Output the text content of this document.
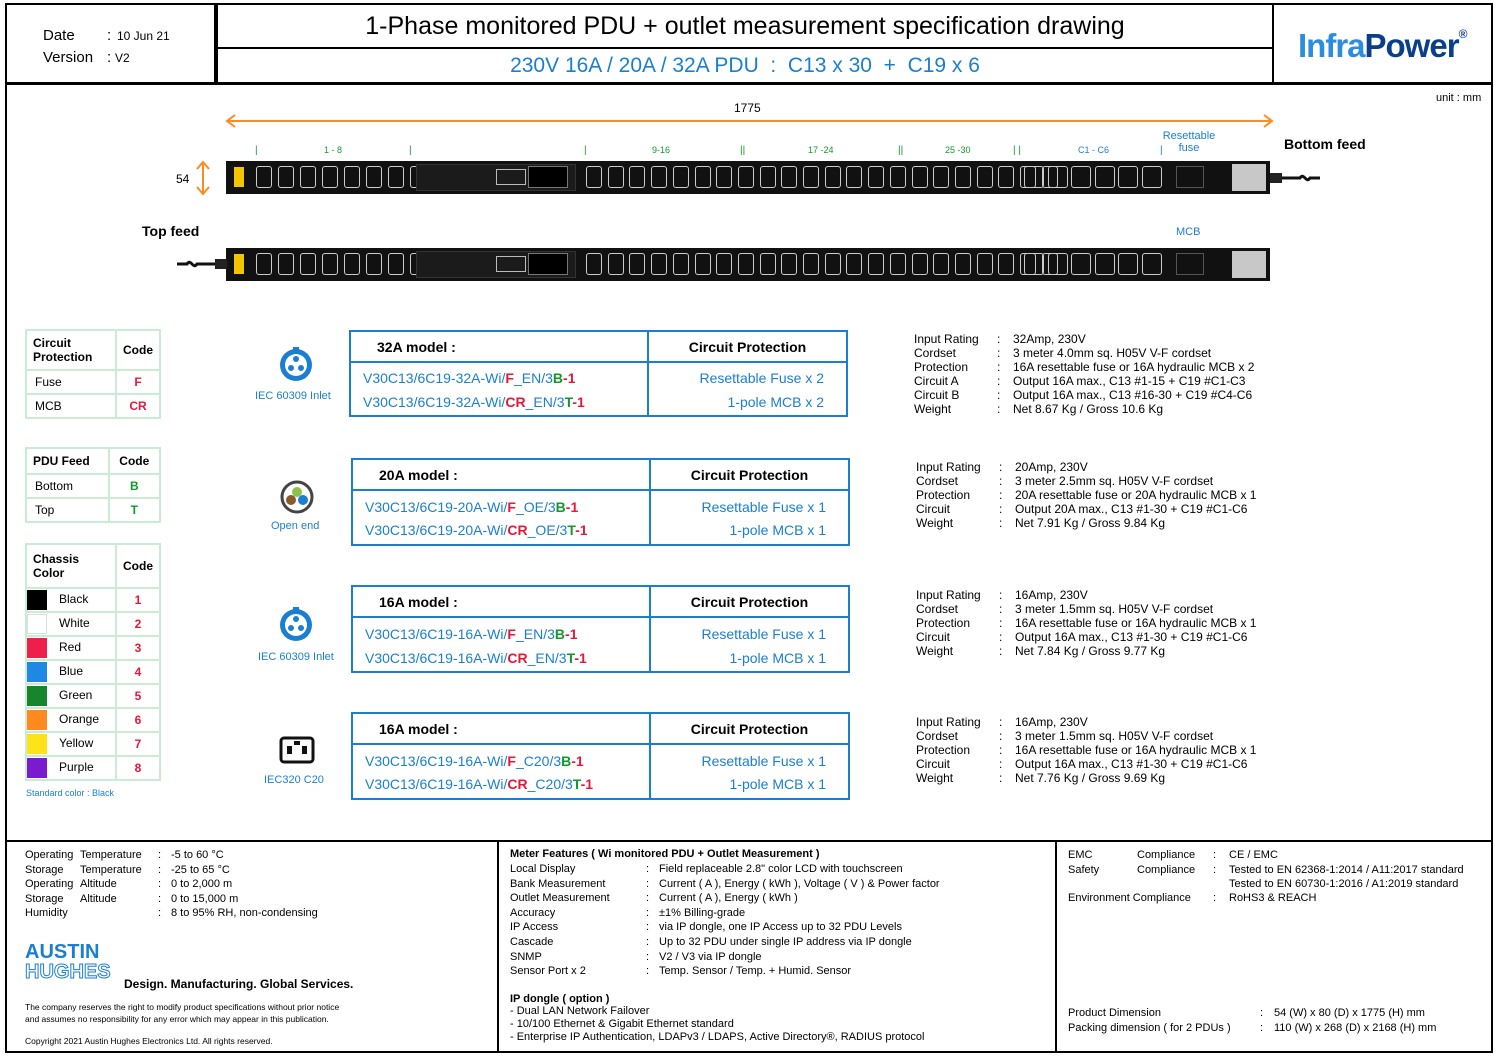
Date : 10 Jun 21
Version : V2
1-Phase monitored PDU + outlet measurement specification drawing
230V 16A / 20A / 32A PDU  :  C13 x 30  +  C19 x 6
InfraPower®
unit : mm
1775
54
|	1 - 8	|	|	9-16	||	17 -24	||	25 -30	| |	C1 - C6	|
Resettable fuse	Bottom feed
Top feed	MCB
Circuit Protection	Code
Fuse	F
MCB	CR
PDU Feed	Code
Bottom	B
Top	T
Chassis Color	Code
Black	1
White	2
Red	3
Blue	4
Green	5
Orange	6
Yellow	7
Purple	8
Standard color : Black
IEC 60309 Inlet
Open end
IEC 60309 Inlet
IEC320 C20
32A model :	Circuit Protection
V30C13/6C19-32A-Wi/F_EN/3B-1	Resettable Fuse x 2
V30C13/6C19-32A-Wi/CR_EN/3T-1	1-pole MCB x 2
20A model :	Circuit Protection
V30C13/6C19-20A-Wi/F_OE/3B-1	Resettable Fuse x 1
V30C13/6C19-20A-Wi/CR_OE/3T-1	1-pole MCB x 1
16A model :	Circuit Protection
V30C13/6C19-16A-Wi/F_EN/3B-1	Resettable Fuse x 1
V30C13/6C19-16A-Wi/CR_EN/3T-1	1-pole MCB x 1
16A model :	Circuit Protection
V30C13/6C19-16A-Wi/F_C20/3B-1	Resettable Fuse x 1
V30C13/6C19-16A-Wi/CR_C20/3T-1	1-pole MCB x 1
Input Rating : 32Amp, 230V
Cordset	: 3 meter 4.0mm sq. H05V V-F cordset
Protection : 16A resettable fuse or 16A hydraulic MCB x 2
Circuit A	: Output 16A max., C13 #1-15 + C19 #C1-C3
Circuit B	: Output 16A max., C13 #16-30 + C19 #C4-C6
Weight	: Net 8.67 Kg / Gross 10.6 Kg
Input Rating : 20Amp, 230V
Cordset	: 3 meter 2.5mm sq. H05V V-F cordset
Protection : 20A resettable fuse or 20A hydraulic MCB x 1
Circuit	: Output 20A max., C13 #1-30 + C19 #C1-C6
Weight	: Net 7.91 Kg / Gross 9.84 Kg
Input Rating : 16Amp, 230V
Cordset	: 3 meter 1.5mm sq. H05V V-F cordset
Protection : 16A resettable fuse or 16A hydraulic MCB x 1
Circuit	: Output 16A max., C13 #1-30 + C19 #C1-C6
Weight	: Net 7.84 Kg / Gross 9.77 Kg
Input Rating : 16Amp, 230V
Cordset	: 3 meter 1.5mm sq. H05V V-F cordset
Protection : 16A resettable fuse or 16A hydraulic MCB x 1
Circuit	: Output 16A max., C13 #1-30 + C19 #C1-C6
Weight	: Net 7.76 Kg / Gross 9.69 Kg
Operating Temperature : -5 to 60 °C
Storage Temperature : -25 to 65 °C
Operating Altitude	: 0 to 2,000 m
Storage Altitude	: 0 to 15,000 m
Humidity	: 8 to 95% RH, non-condensing
AUSTIN
HUGHES
Design. Manufacturing. Global Services.
The company reserves the right to modify product specifications without prior notice
and assumes no responsibility for any error which may appear in this publication.
Copyright 2021 Austin Hughes Electronics Ltd. All rights reserved.
Meter Features ( Wi monitored PDU + Outlet Measurement )
Local Display	: Field replaceable 2.8" color LCD with touchscreen
Bank Measurement	: Current ( A ), Energy ( kWh ), Voltage ( V ) & Power factor
Outlet Measurement	: Current ( A ), Energy ( kWh )
Accuracy	: ±1% Billing-grade
IP Access	: via IP dongle, one IP Access up to 32 PDU Levels
Cascade	: Up to 32 PDU under single IP address via IP dongle
SNMP	: V2 / V3 via IP dongle
Sensor Port x 2	: Temp. Sensor / Temp. + Humid. Sensor
IP dongle ( option )
- Dual LAN Network Failover
- 10/100 Ethernet & Gigabit Ethernet standard
- Enterprise IP Authentication, LDAPv3 / LDAPS, Active Directory®, RADIUS protocol
EMC	Compliance : CE / EMC
Safety	Compliance : Tested to EN 62368-1:2014 / A11:2017 standard
Tested to EN 60730-1:2016 / A1:2019 standard
Environment Compliance : RoHS3 & REACH
Product Dimension	: 54 (W) x 80 (D) x 1775 (H) mm
Packing dimension ( for 2 PDUs )	: 110 (W) x 268 (D) x 2168 (H) mm
